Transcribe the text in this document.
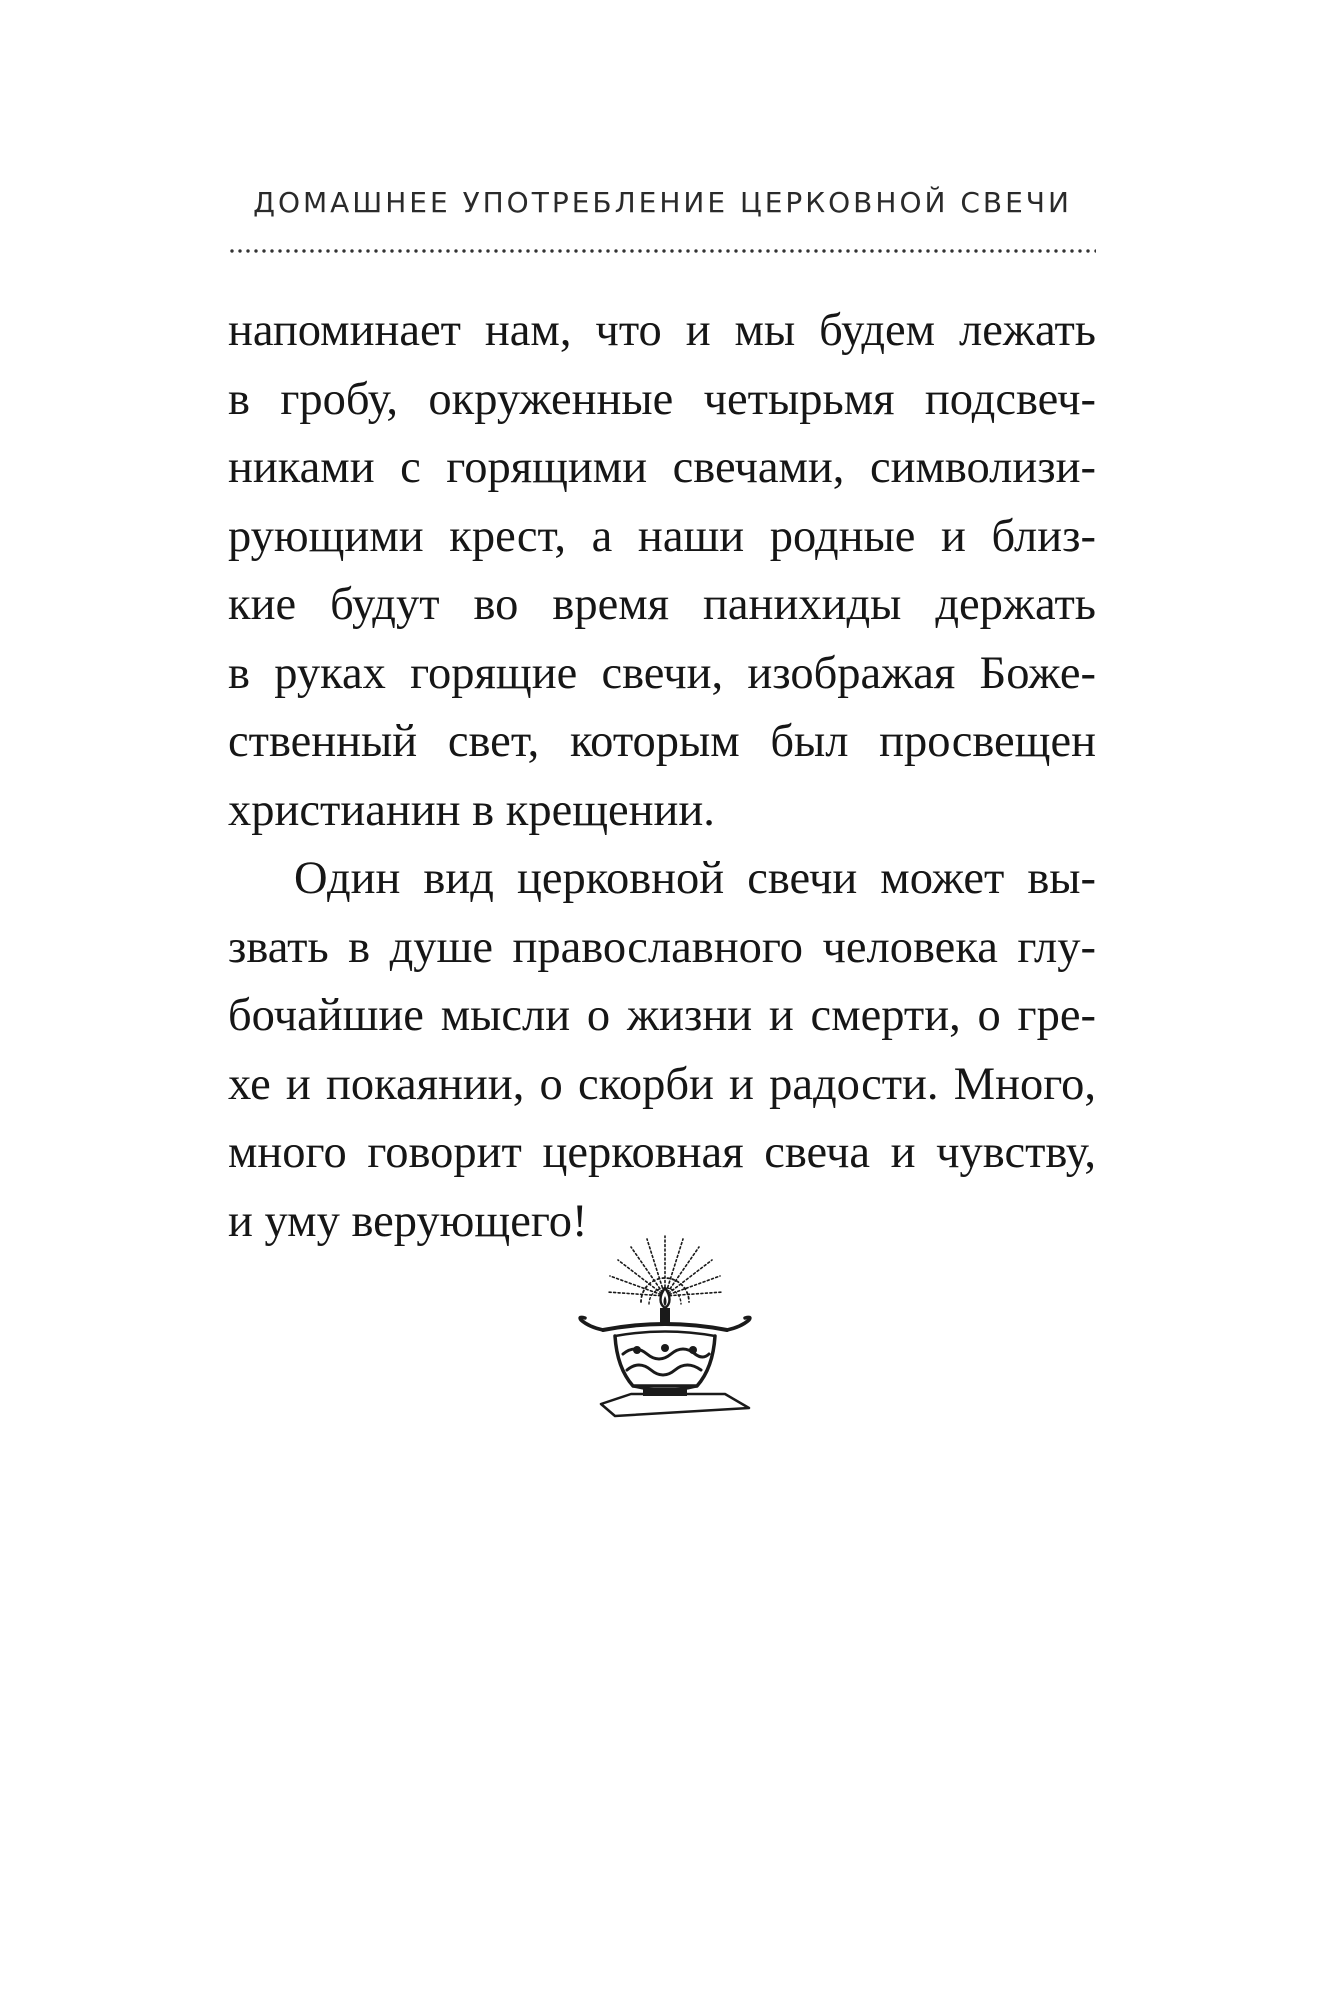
ДОМАШНЕЕ УПОТРЕБЛЕНИЕ ЦЕРКОВНОЙ СВЕЧИ
напоминает нам, что и мы будем лежать
в гробу, окруженные четырьмя подсвеч-
никами с горящими свечами, символизи-
рующими крест, а наши родные и близ-
кие будут во время панихиды держать
в руках горящие свечи, изображая Боже-
ственный свет, которым был просвещен
христианин в крещении.
Один вид церковной свечи может вы-
звать в душе православного человека глу-
бочайшие мысли о жизни и смерти, о гре-
хе и покаянии, о скорби и радости. Много,
много говорит церковная свеча и чувству,
и уму верующего!
